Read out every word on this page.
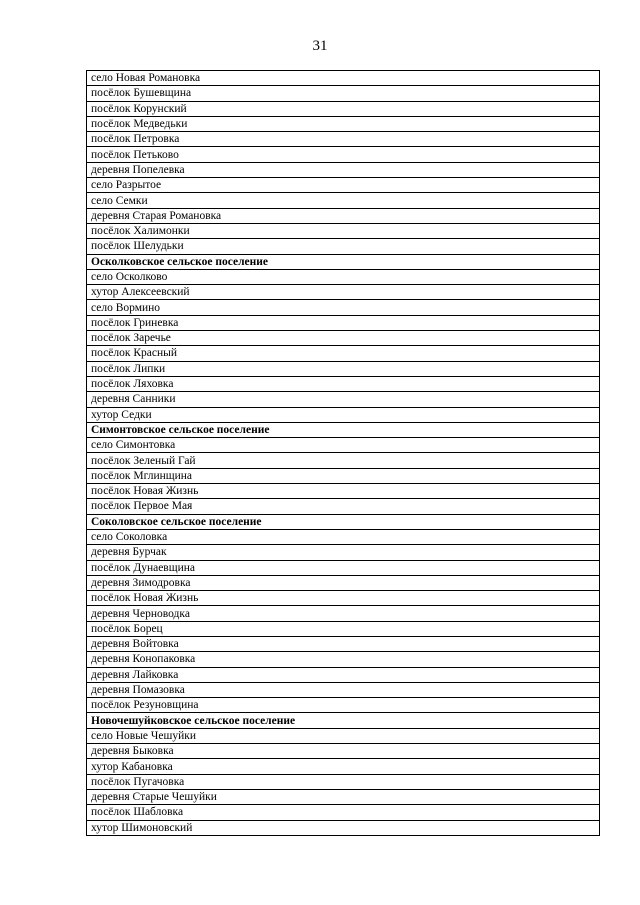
31
село Новая Романовка
посёлок Бушевщина
посёлок Корунский
посёлок Медведьки
посёлок Петровка
посёлок Петьково
деревня Попелевка
село Разрытое
село Семки
деревня Старая Романовка
посёлок Халимонки
посёлок Шелудьки
Осколковское сельское поселение
село Осколково
хутор Алексеевский
село Вормино
посёлок Гриневка
посёлок Заречье
посёлок Красный
посёлок Липки
посёлок Ляховка
деревня Санники
хутор Седки
Симонтовское сельское поселение
село Симонтовка
посёлок Зеленый Гай
посёлок Мглинщина
посёлок Новая Жизнь
посёлок Первое Мая
Соколовское сельское поселение
село Соколовка
деревня Бурчак
посёлок Дунаевщина
деревня Зимодровка
посёлок Новая Жизнь
деревня Черноводка
посёлок Борец
деревня Войтовка
деревня Конопаковка
деревня Лайковка
деревня Помазовка
посёлок Резуновщина
Новочешуйковское сельское поселение
село Новые Чешуйки
деревня Быковка
хутор Кабановка
посёлок Пугачовка
деревня Старые Чешуйки
посёлок Шабловка
хутор Шимоновский
